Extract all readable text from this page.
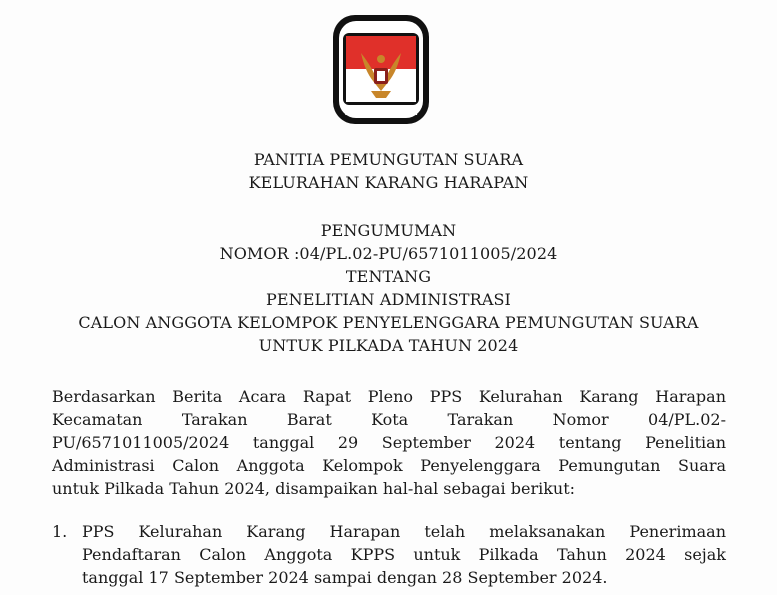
PANITIA
PEMUNGUTAN SUARA
PANITIA PEMUNGUTAN SUARA
KELURAHAN KARANG HARAPAN
PENGUMUMAN
NOMOR :04/PL.02-PU/6571011005/2024
TENTANG
PENELITIAN ADMINISTRASI
CALON ANGGOTA KELOMPOK PENYELENGGARA PEMUNGUTAN SUARA
UNTUK PILKADA TAHUN 2024
Berdasarkan Berita Acara Rapat Pleno PPS Kelurahan Karang Harapan
Kecamatan Tarakan Barat Kota Tarakan Nomor 04/PL.02-
PU/6571011005/2024 tanggal 29 September 2024 tentang Penelitian
Administrasi Calon Anggota Kelompok Penyelenggara Pemungutan Suara
untuk Pilkada Tahun 2024, disampaikan hal-hal sebagai berikut:
1. PPS Kelurahan Karang Harapan telah melaksanakan Penerimaan
Pendaftaran Calon Anggota KPPS untuk Pilkada Tahun 2024 sejak
tanggal 17 September 2024 sampai dengan 28 September 2024.
